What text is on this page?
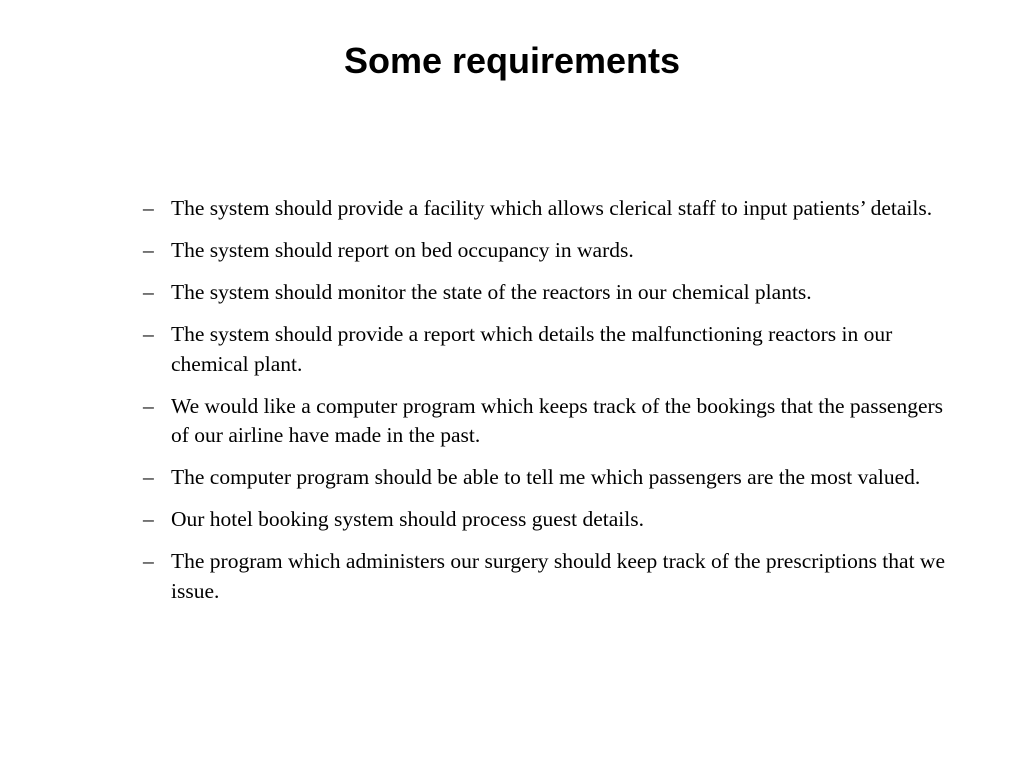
Some requirements
– The system should provide a facility which allows clerical staff to input patients’ details.
– The system should report on bed occupancy in wards.
– The system should monitor the state of the reactors in our chemical plants.
– The system should provide a report which details the malfunctioning reactors in our chemical plant.
– We would like a computer program which keeps track of the bookings that the passengers of our airline have made in the past.
– The computer program should be able to tell me which passengers are the most valued.
– Our hotel booking system should process guest details.
– The program which administers our surgery should keep track of the prescriptions that we issue.
